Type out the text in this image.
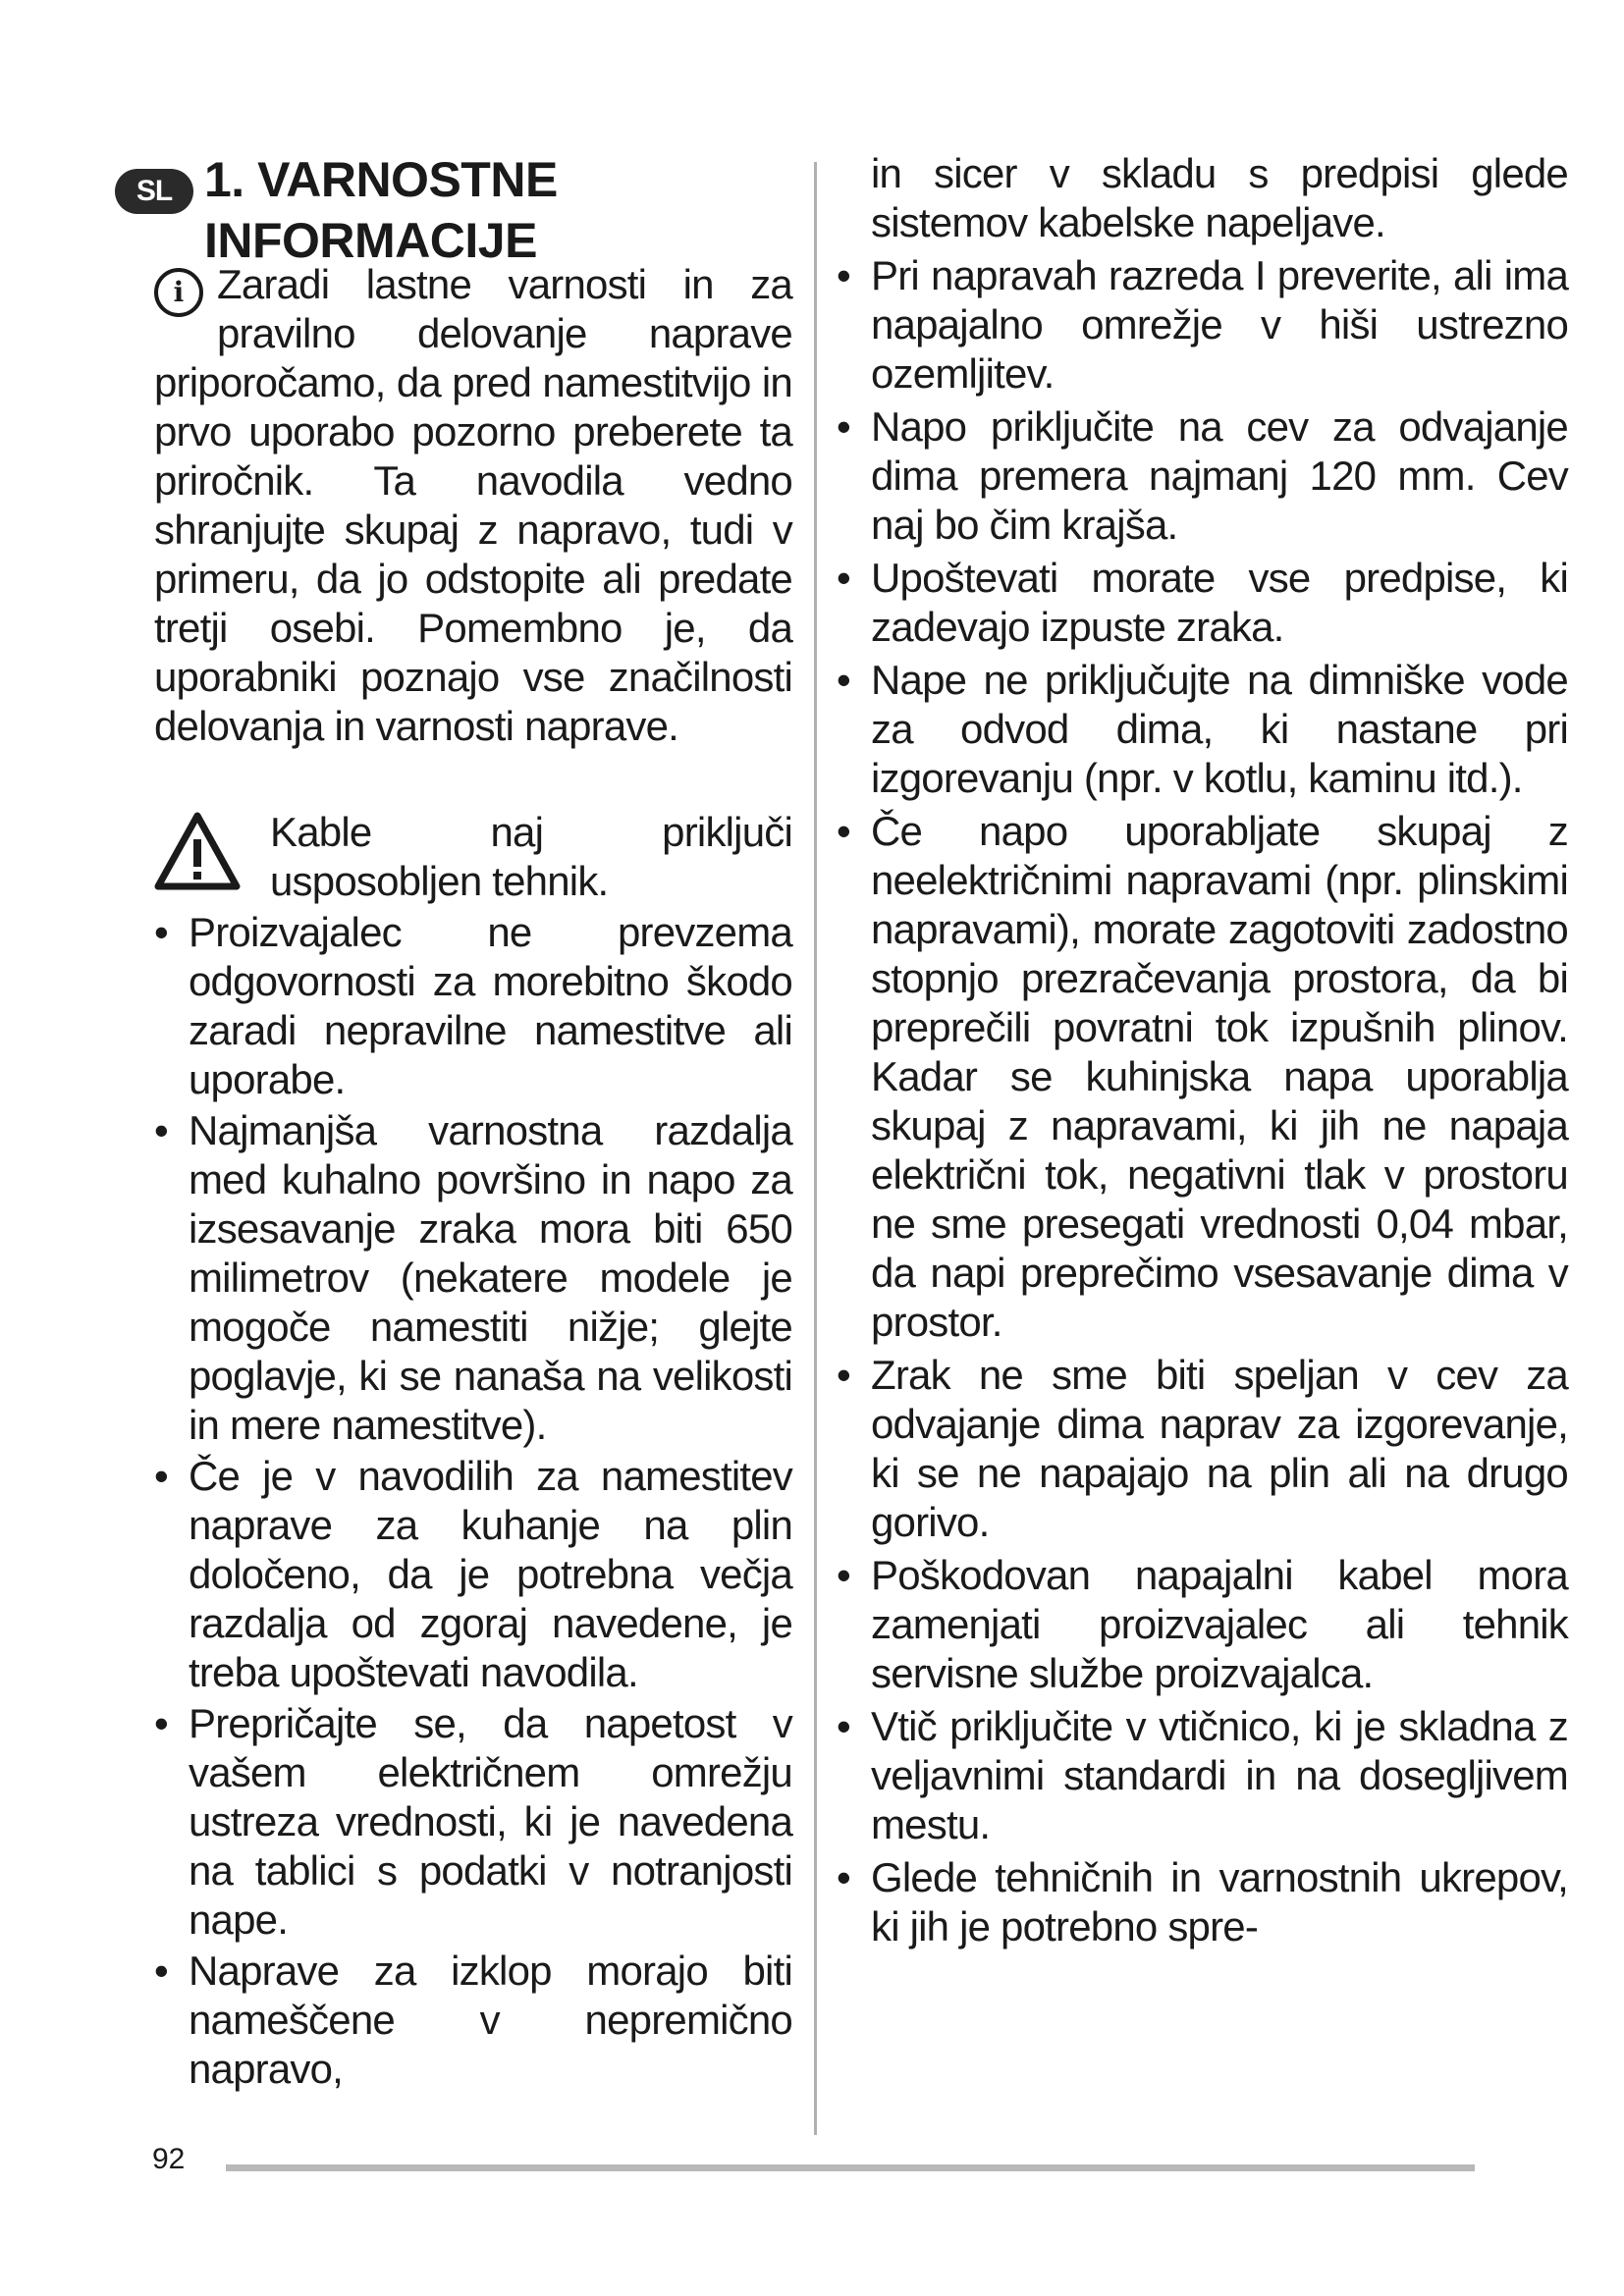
SL 1. VARNOSTNE INFORMACIJE
i Zaradi lastne varnosti in za pravilno delovanje naprave priporočamo, da pred namestitvijo in prvo uporabo pozorno preberete ta priročnik. Ta navodila vedno shranjujte skupaj z napravo, tudi v primeru, da jo odstopite ali predate tretji osebi. Pomembno je, da uporabniki poznajo vse značilnosti delovanja in varnosti naprave.

Kable naj priključi usposobljen tehnik.

• Proizvajalec ne prevzema odgovornosti za morebitno škodo zaradi nepravilne namestitve ali uporabe.

• Najmanjša varnostna razdalja med kuhalno površino in napo za izsesavanje zraka mora biti 650 milimetrov (nekatere modele je mogoče namestiti nižje; glejte poglavje, ki se nanaša na velikosti in mere namestitve).

• Če je v navodilih za namestitev naprave za kuhanje na plin določeno, da je potrebna večja razdalja od zgoraj navedene, je treba upoštevati navodila.

• Prepričajte se, da napetost v vašem električnem omrežju ustreza vrednosti, ki je navedena na tablici s podatki v notranjosti nape.

• Naprave za izklop morajo biti nameščene v nepremično napravo,

in sicer v skladu s predpisi glede sistemov kabelske napeljave.

• Pri napravah razreda I preverite, ali ima napajalno omrežje v hiši ustrezno ozemljitev.

• Napo priključite na cev za odvajanje dima premera najmanj 120 mm. Cev naj bo čim krajša.

• Upoštevati morate vse predpise, ki zadevajo izpuste zraka.

• Nape ne priključujte na dimniške vode za odvod dima, ki nastane pri izgorevanju (npr. v kotlu, kaminu itd.).

• Če napo uporabljate skupaj z neelektričnimi napravami (npr. plinskimi napravami), morate zagotoviti zadostno stopnjo prezračevanja prostora, da bi preprečili povratni tok izpušnih plinov. Kadar se kuhinjska napa uporablja skupaj z napravami, ki jih ne napaja električni tok, negativni tlak v prostoru ne sme presegati vrednosti 0,04 mbar, da napi preprečimo vsesavanje dima v prostor.

• Zrak ne sme biti speljan v cev za odvajanje dima naprav za izgorevanje, ki se ne napajajo na plin ali na drugo gorivo.

• Poškodovan napajalni kabel mora zamenjati proizvajalec ali tehnik servisne službe proizvajalca.

• Vtič priključite v vtičnico, ki je skladna z veljavnimi standardi in na dosegljivem mestu.

• Glede tehničnih in varnostnih ukrepov, ki jih je potrebno spre-

92
